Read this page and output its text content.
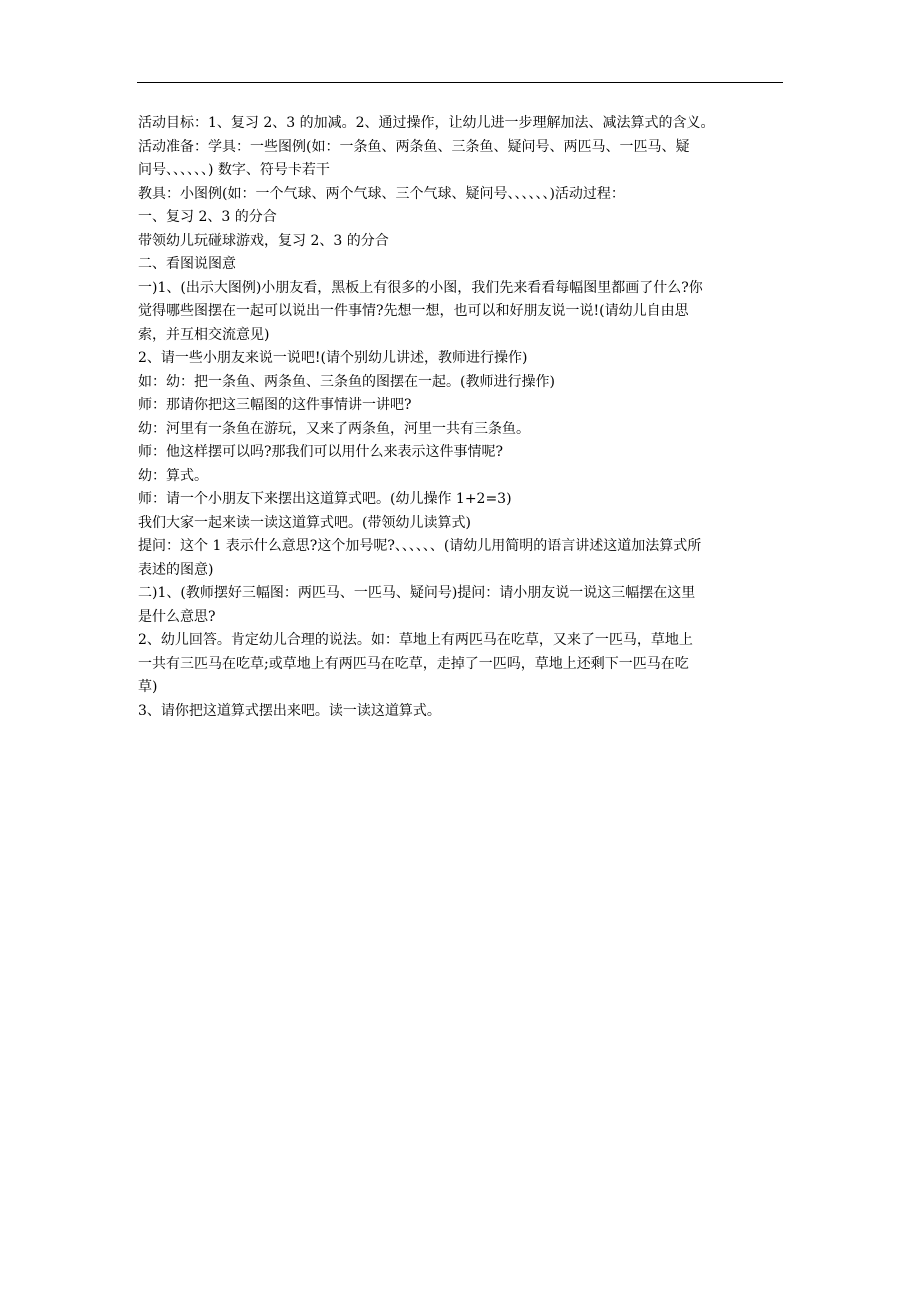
活动目标：1、复习 2、3 的加减。2、通过操作，让幼儿进一步理解加法、减法算式的含义。
活动准备：学具：一些图例(如：一条鱼、两条鱼、三条鱼、疑问号、两匹马、一匹马、疑
问号、、、、、、) 数字、符号卡若干
教具：小图例(如：一个气球、两个气球、三个气球、疑问号、、、、、、)活动过程：
一、复习 2、3 的分合
带领幼儿玩碰球游戏，复习 2、3 的分合
二、看图说图意
一)1、(出示大图例)小朋友看，黑板上有很多的小图，我们先来看看每幅图里都画了什么?你
觉得哪些图摆在一起可以说出一件事情?先想一想，也可以和好朋友说一说!(请幼儿自由思
索，并互相交流意见)
2、请一些小朋友来说一说吧!(请个别幼儿讲述，教师进行操作)
如：幼：把一条鱼、两条鱼、三条鱼的图摆在一起。(教师进行操作)
师：那请你把这三幅图的这件事情讲一讲吧?
幼：河里有一条鱼在游玩，又来了两条鱼，河里一共有三条鱼。
师：他这样摆可以吗?那我们可以用什么来表示这件事情呢?
幼：算式。
师：请一个小朋友下来摆出这道算式吧。(幼儿操作 1+2=3)
我们大家一起来读一读这道算式吧。(带领幼儿读算式)
提问：这个 1 表示什么意思?这个加号呢?、、、、、、(请幼儿用简明的语言讲述这道加法算式所
表述的图意)
二)1、(教师摆好三幅图：两匹马、一匹马、疑问号)提问：请小朋友说一说这三幅摆在这里
是什么意思?
2、幼儿回答。肯定幼儿合理的说法。如：草地上有两匹马在吃草，又来了一匹马，草地上
一共有三匹马在吃草;或草地上有两匹马在吃草，走掉了一匹吗，草地上还剩下一匹马在吃
草)
3、请你把这道算式摆出来吧。读一读这道算式。
